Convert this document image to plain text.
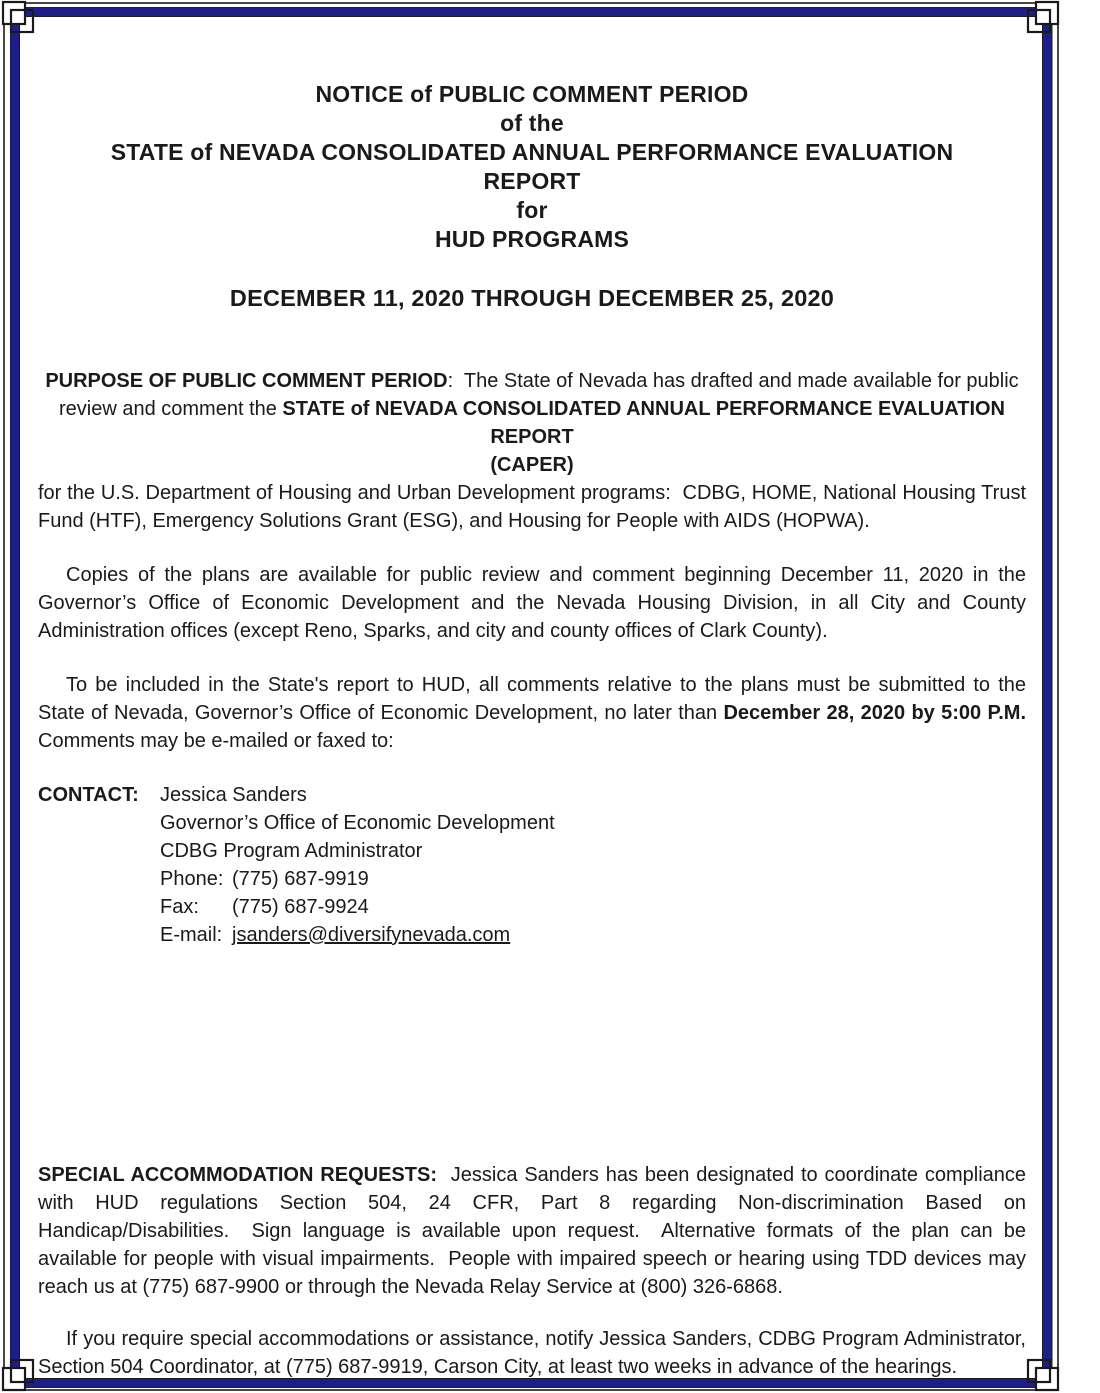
NOTICE of PUBLIC COMMENT PERIOD
of the
STATE of NEVADA CONSOLIDATED ANNUAL PERFORMANCE EVALUATION
REPORT
for
HUD PROGRAMS
DECEMBER 11, 2020 THROUGH DECEMBER 25, 2020

PURPOSE OF PUBLIC COMMENT PERIOD:  The State of Nevada has drafted and made available for public review and comment the STATE of NEVADA CONSOLIDATED ANNUAL PERFORMANCE EVALUATION REPORT
(CAPER)

for the U.S. Department of Housing and Urban Development programs:  CDBG, HOME, National Housing Trust Fund (HTF), Emergency Solutions Grant (ESG), and Housing for People with AIDS (HOPWA).

Copies of the plans are available for public review and comment beginning December 11, 2020 in the Governor’s Office of Economic Development and the Nevada Housing Division, in all City and County Administration offices (except Reno, Sparks, and city and county offices of Clark County).

To be included in the State's report to HUD, all comments relative to the plans must be submitted to the State of Nevada, Governor’s Office of Economic Development, no later than December 28, 2020 by 5:00 P.M. Comments may be e-mailed or faxed to:

CONTACT:	Jessica Sanders
Governor’s Office of Economic Development
CDBG Program Administrator
Phone: (775) 687-9919
Fax: (775) 687-9924
E-mail: jsanders@diversifynevada.com

SPECIAL ACCOMMODATION REQUESTS:  Jessica Sanders has been designated to coordinate compliance with HUD regulations Section 504, 24 CFR, Part 8 regarding Non-discrimination Based on Handicap/Disabilities.  Sign language is available upon request.  Alternative formats of the plan can be available for people with visual impairments.  People with impaired speech or hearing using TDD devices may reach us at (775) 687-9900 or through the Nevada Relay Service at (800) 326-6868.

If you require special accommodations or assistance, notify Jessica Sanders, CDBG Program Administrator, Section 504 Coordinator, at (775) 687-9919, Carson City, at least two weeks in advance of the hearings.
